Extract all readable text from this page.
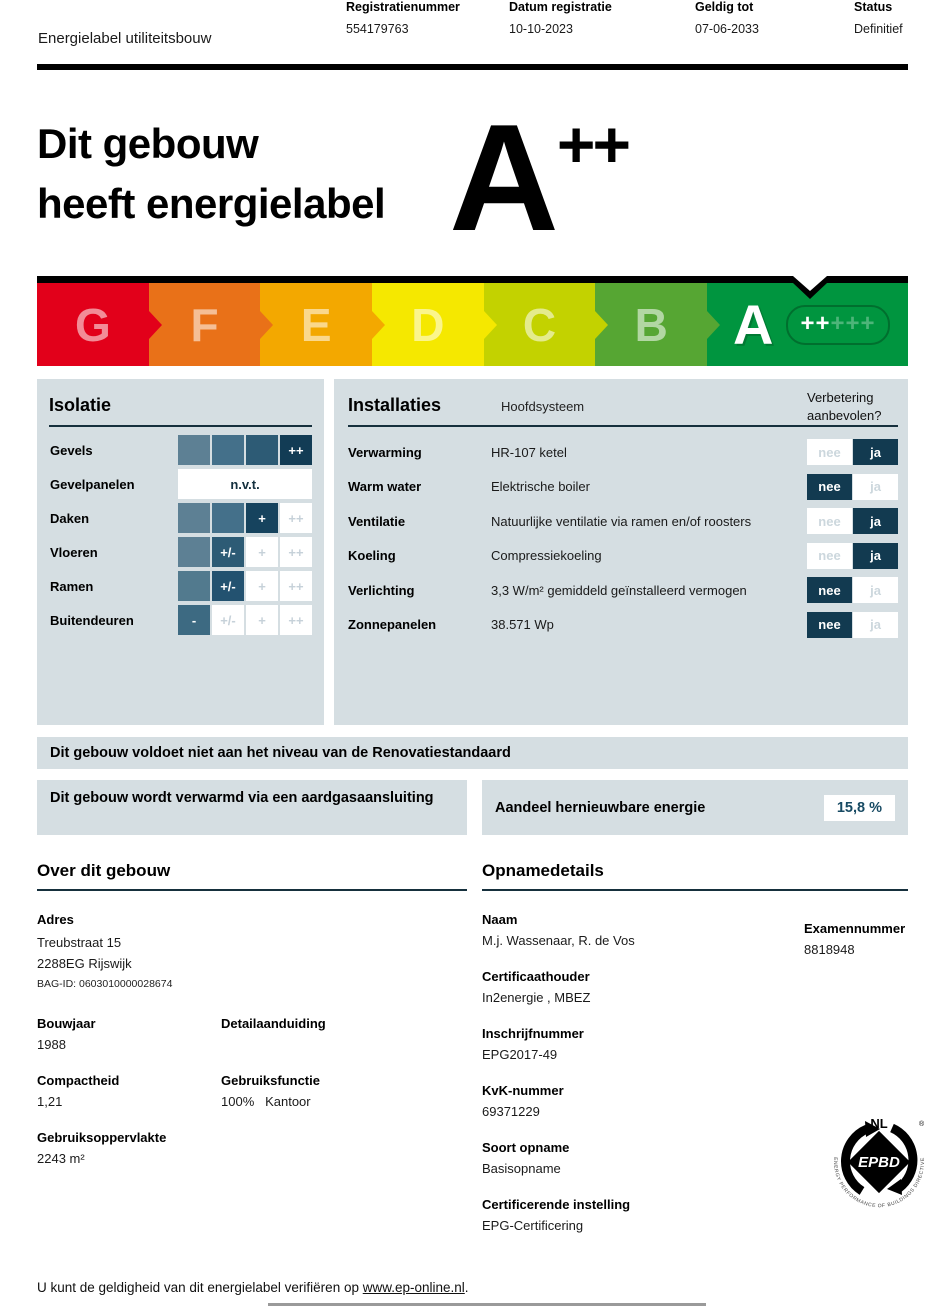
Energielabel utiliteitsbouw
Registratienummer
554179763
Datum registratie
10-10-2023
Geldig tot
07-06-2033
Status
Definitief
Dit gebouw
heeft energielabel A ++
G F E D C B A	+++++
Isolatie
Gevels	++
Gevelpanelen	n.v.t.
Daken	+	++
Vloeren	+/-	+	++
Ramen	+/-	+	++
Buitendeuren	-	+/-	+	++
Installaties	Hoofdsysteem
Verbetering aanbevolen?
Verwarming	HR-107 ketel	nee	ja
Warm water	Elektrische boiler	nee	ja
Ventilatie	Natuurlijke ventilatie via ramen en/of roosters	nee	ja
Koeling	Compressiekoeling	nee	ja
Verlichting	3,3 W/m² gemiddeld geïnstalleerd vermogen	nee	ja
Zonnepanelen	38.571 Wp	nee	ja
Dit gebouw voldoet niet aan het niveau van de Renovatiestandaard
Dit gebouw wordt verwarmd via een aardgasaansluiting
Aandeel hernieuwbare energie	15,8 %
Over dit gebouw
Adres
Treubstraat 15
2288EG Rijswijk
BAG-ID: 0603010000028674
Bouwjaar
1988
Detailaanduiding
Compactheid
1,21
Gebruiksfunctie
100%   Kantoor
Gebruiksoppervlakte
2243 m²
Opnamedetails
Naam
M.j. Wassenaar, R. de Vos
Certificaathouder
In2energie , MBEZ
Inschrijfnummer
EPG2017-49
KvK-nummer
69371229
Soort opname
Basisopname
Certificerende instelling
EPG-Certificering
Examennummer
8818948
ENERGY PERFORMANCE OF BUILDINGS DIRECTIVE
EPBD
NL	®
U kunt de geldigheid van dit energielabel verifiëren op www.ep-online.nl.
